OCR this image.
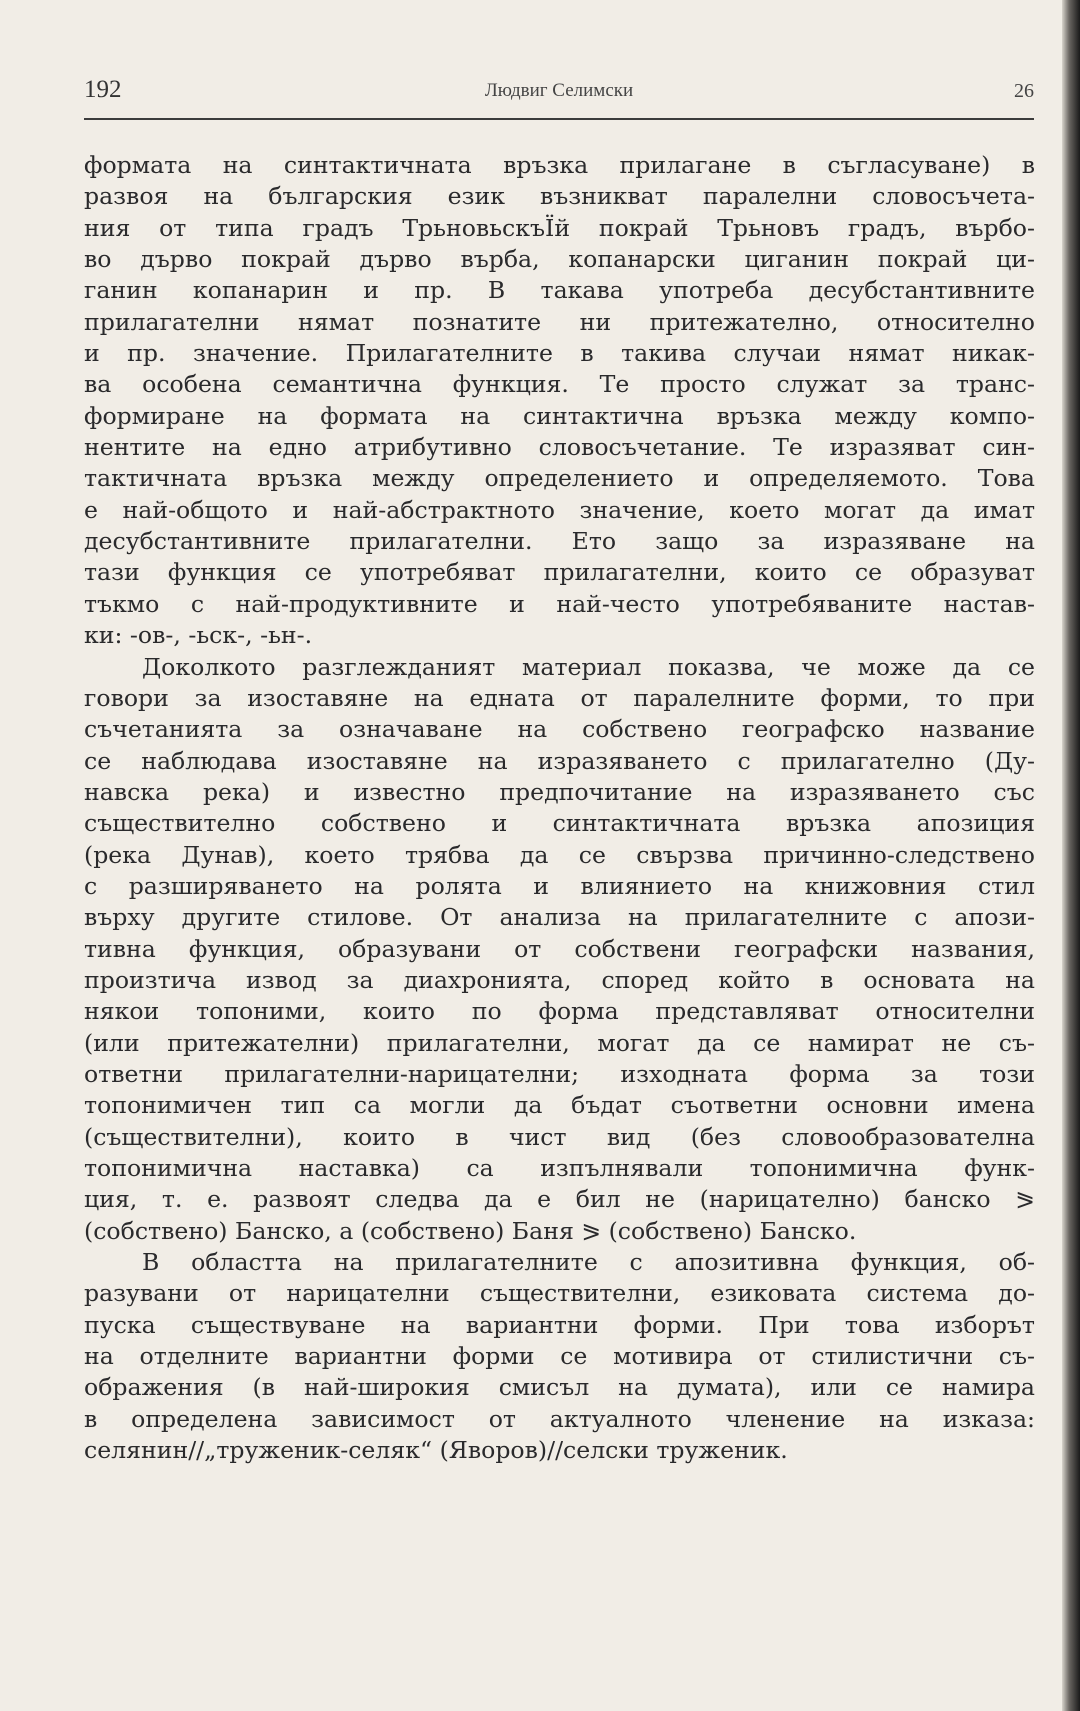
192	Людвиг Селимски	26

формата на синтактичната връзка прилагане в съгласуване) в
развоя на българския език възникват паралелни словосъчета-
ния от типа градъ ТрьновьскъЇй покрай Трьновъ градъ, върбо-
во дърво покрай дърво върба, копанарски циганин покрай ци-
ганин копанарин и пр. В такава употреба десубстантивните
прилагателни нямат познатите ни притежателно, относително
и пр. значение. Прилагателните в такива случаи нямат никак-
ва особена семантична функция. Те просто служат за транс-
формиране на формата на синтактична връзка между компо-
нентите на едно атрибутивно словосъчетание. Те изразяват син-
тактичната връзка между определението и определяемото. Това
е най-общото и най-абстрактното значение, което могат да имат
десубстантивните прилагателни. Ето защо за изразяване на
тази функция се употребяват прилагателни, които се образуват
тъкмо с най-продуктивните и най-често употребяваните настав-
ки: -ов-, -ьск-, -ьн-.

Доколкото разглежданият материал показва, че може да се
говори за изоставяне на едната от паралелните форми, то при
съчетанията за означаване на собствено географско название
се наблюдава изоставяне на изразяването с прилагателно (Ду-
навска река) и известно предпочитание на изразяването със
съществително собствено и синтактичната връзка апозиция
(река Дунав), което трябва да се свързва причинно-следствено
с разширяването на ролята и влиянието на книжовния стил
върху другите стилове. От анализа на прилагателните с апози-
тивна функция, образувани от собствени географски названия,
произтича извод за диахронията, според който в основата на
някои топоними, които по форма представляват относителни
(или притежателни) прилагателни, могат да се намират не съ-
ответни прилагателни-нарицателни; изходната форма за този
топонимичен тип са могли да бъдат съответни основни имена
(съществителни), които в чист вид (без словообразователна
топонимична наставка) са изпълнявали топонимична функ-
ция, т. е. развоят следва да е бил не (нарицателно) банско ⪖
(собствено) Банско, а (собствено) Баня ⪖ (собствено) Банско.

В областта на прилагателните с апозитивна функция, об-
разувани от нарицателни съществителни, езиковата система до-
пуска съществуване на вариантни форми. При това изборът
на отделните вариантни форми се мотивира от стилистични съ-
ображения (в най-широкия смисъл на думата), или се намира
в определена зависимост от актуалното членение на изказа:
селянин//„труженик-селяк“ (Яворов)//селски труженик.
